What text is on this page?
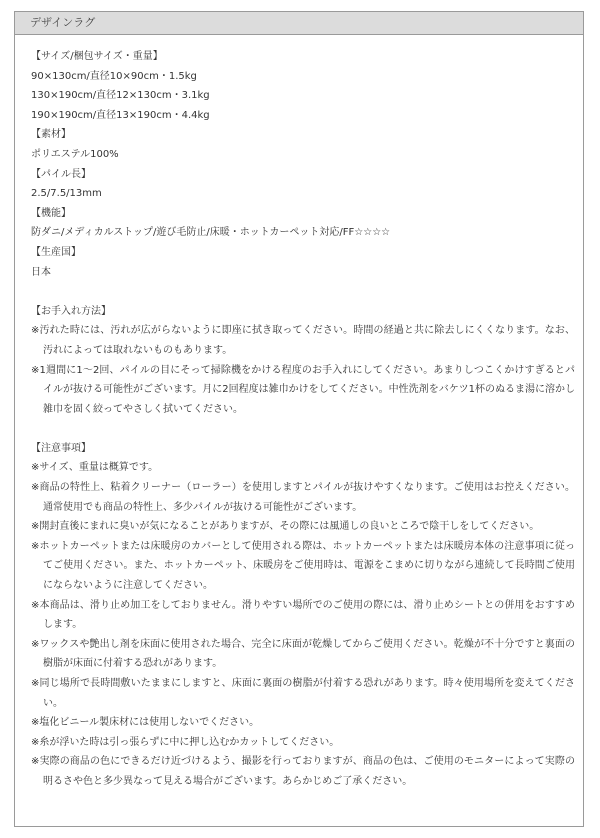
デザインラグ
【サイズ/梱包サイズ・重量】
90×130cm/直径10×90cm・1.5kg
130×190cm/直径12×130cm・3.1kg
190×190cm/直径13×190cm・4.4kg
【素材】
ポリエステル100%
【パイル長】
2.5/7.5/13mm
【機能】
防ダニ/メディカルストップ/遊び毛防止/床暖・ホットカーペット対応/FF☆☆☆☆
【生産国】
日本
【お手入れ方法】
※汚れた時には、汚れが広がらないように即座に拭き取ってください。時間の経過と共に除去しにくくなります。なお、汚れによっては取れないものもあります。
※1週間に1～2回、パイルの目にそって掃除機をかける程度のお手入れにしてください。あまりしつこくかけすぎるとパイルが抜ける可能性がございます。月に2回程度は雑巾かけをしてください。中性洗剤をバケツ1杯のぬるま湯に溶かし雑巾を固く絞ってやさしく拭いてください。
【注意事項】
※サイズ、重量は概算です。
※商品の特性上、粘着クリーナー（ローラー）を使用しますとパイルが抜けやすくなります。ご使用はお控えください。通常使用でも商品の特性上、多少パイルが抜ける可能性がございます。
※開封直後にまれに臭いが気になることがありますが、その際には風通しの良いところで陰干しをしてください。
※ホットカーペットまたは床暖房のカバーとして使用される際は、ホットカーペットまたは床暖房本体の注意事項に従ってご使用ください。また、ホットカーペット、床暖房をご使用時は、電源をこまめに切りながら連続して長時間ご使用にならないように注意してください。
※本商品は、滑り止め加工をしておりません。滑りやすい場所でのご使用の際には、滑り止めシートとの併用をおすすめします。
※ワックスや艶出し剤を床面に使用された場合、完全に床面が乾燥してからご使用ください。乾燥が不十分ですと裏面の樹脂が床面に付着する恐れがあります。
※同じ場所で長時間敷いたままにしますと、床面に裏面の樹脂が付着する恐れがあります。時々使用場所を変えてください。
※塩化ビニール製床材には使用しないでください。
※糸が浮いた時は引っ張らずに中に押し込むかカットしてください。
※実際の商品の色にできるだけ近づけるよう、撮影を行っておりますが、商品の色は、ご使用のモニターによって実際の明るさや色と多少異なって見える場合がございます。あらかじめご了承ください。
